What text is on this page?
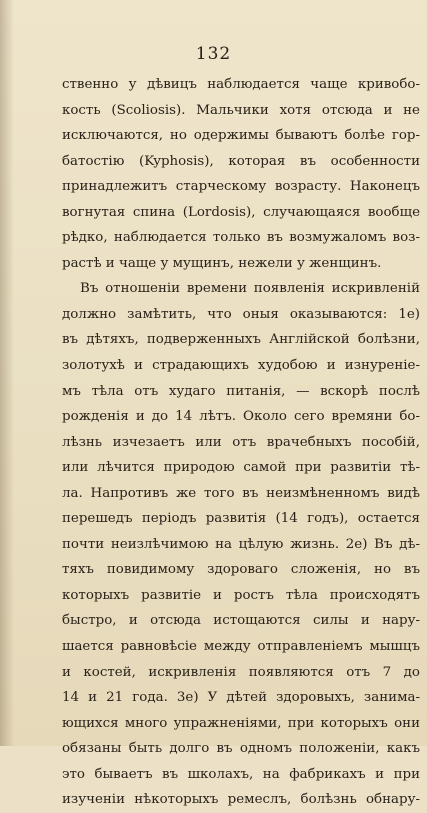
132
ственно у дѣвицъ наблюдается чаще кривобо-
кость (Scoliosis). Мальчики хотя отсюда и не
исключаются, но одержимы бываютъ болѣе гор-
батостію (Kyphosis), которая въ особенности
принадлежитъ старческому возрасту. Наконецъ
вогнутая спина (Lordosis), случающаяся вообще
рѣдко, наблюдается только въ возмужаломъ воз-
растѣ и чаще у мущинъ, нежели у женщинъ.
Въ отношеніи времени появленія искривленій
должно замѣтить, что оныя оказываются: 1е)
въ дѣтяхъ, подверженныхъ Англійской болѣзни,
золотухѣ и страдающихъ худобою и изнуреніе-
мъ тѣла отъ худаго питанія, — вскорѣ послѣ
рожденія и до 14 лѣтъ. Около сего времяни бо-
лѣзнь изчезаетъ или отъ врачебныхъ пособій,
или лѣчится природою самой при развитіи тѣ-
ла. Напротивъ же того въ неизмѣненномъ видѣ
перешедъ періодъ развитія (14 годъ), остается
почти неизлѣчимою на цѣлую жизнь. 2е) Въ дѣ-
тяхъ повидимому здороваго сложенія, но въ
которыхъ развитіе и ростъ тѣла происходятъ
быстро, и отсюда истощаются силы и нару-
шается равновѣсіе между отправленіемъ мышцъ
и костей, искривленія появляются отъ 7 до
14 и 21 года. 3е) У дѣтей здоровыхъ, занима-
ющихся много упражненіями, при которыхъ они
обязаны быть долго въ одномъ положеніи, какъ
это бываетъ въ школахъ, на фабрикахъ и при
изученіи нѣкоторыхъ ремеслъ, болѣзнь обнару-
